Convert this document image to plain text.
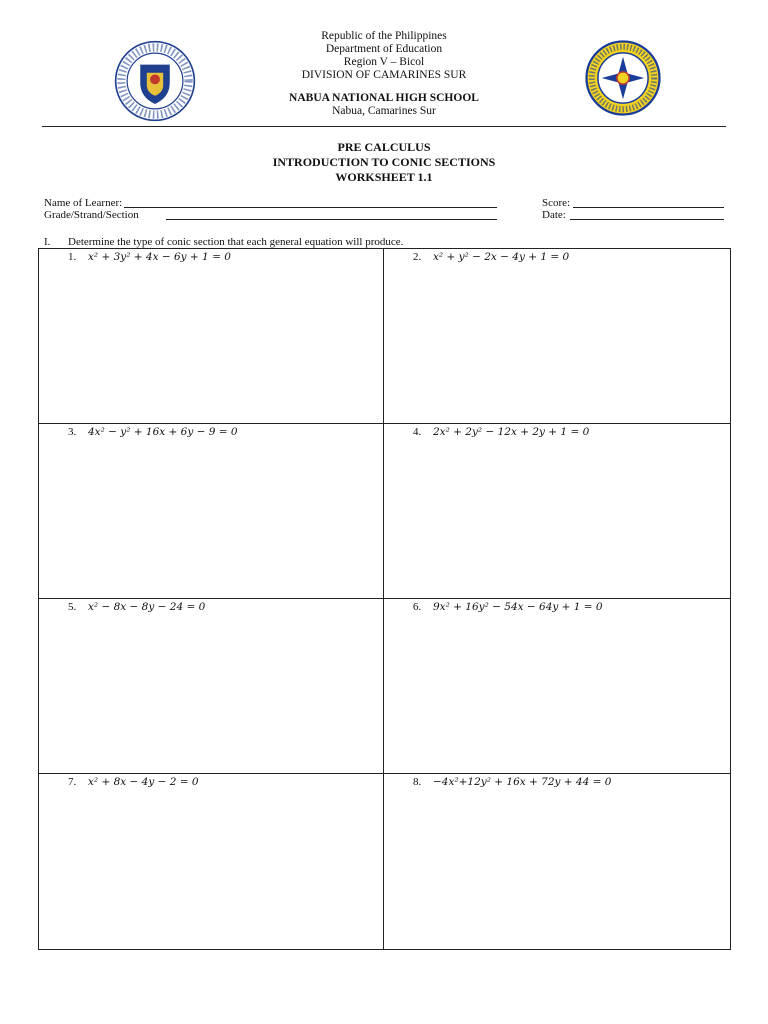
Republic of the Philippines
Department of Education
Region V – Bicol
DIVISION OF CAMARINES SUR
NABUA NATIONAL HIGH SCHOOL
Nabua, Camarines Sur
PRE CALCULUS
INTRODUCTION TO CONIC SECTIONS
WORKSHEET 1.1
Name of Learner:	Score:
Grade/Strand/Section	Date:
I. Determine the type of conic section that each general equation will produce.
1. x² + 3y² + 4x − 6y + 1 = 0	2. x² + y² − 2x − 4y + 1 = 0
3. 4x² − y² + 16x + 6y − 9 = 0	4. 2x² + 2y² − 12x + 2y + 1 = 0
5. x² − 8x − 8y − 24 = 0	6. 9x² + 16y² − 54x − 64y + 1 = 0
7. x² + 8x − 4y − 2 = 0	8. −4x²+12y² + 16x + 72y + 44 = 0
